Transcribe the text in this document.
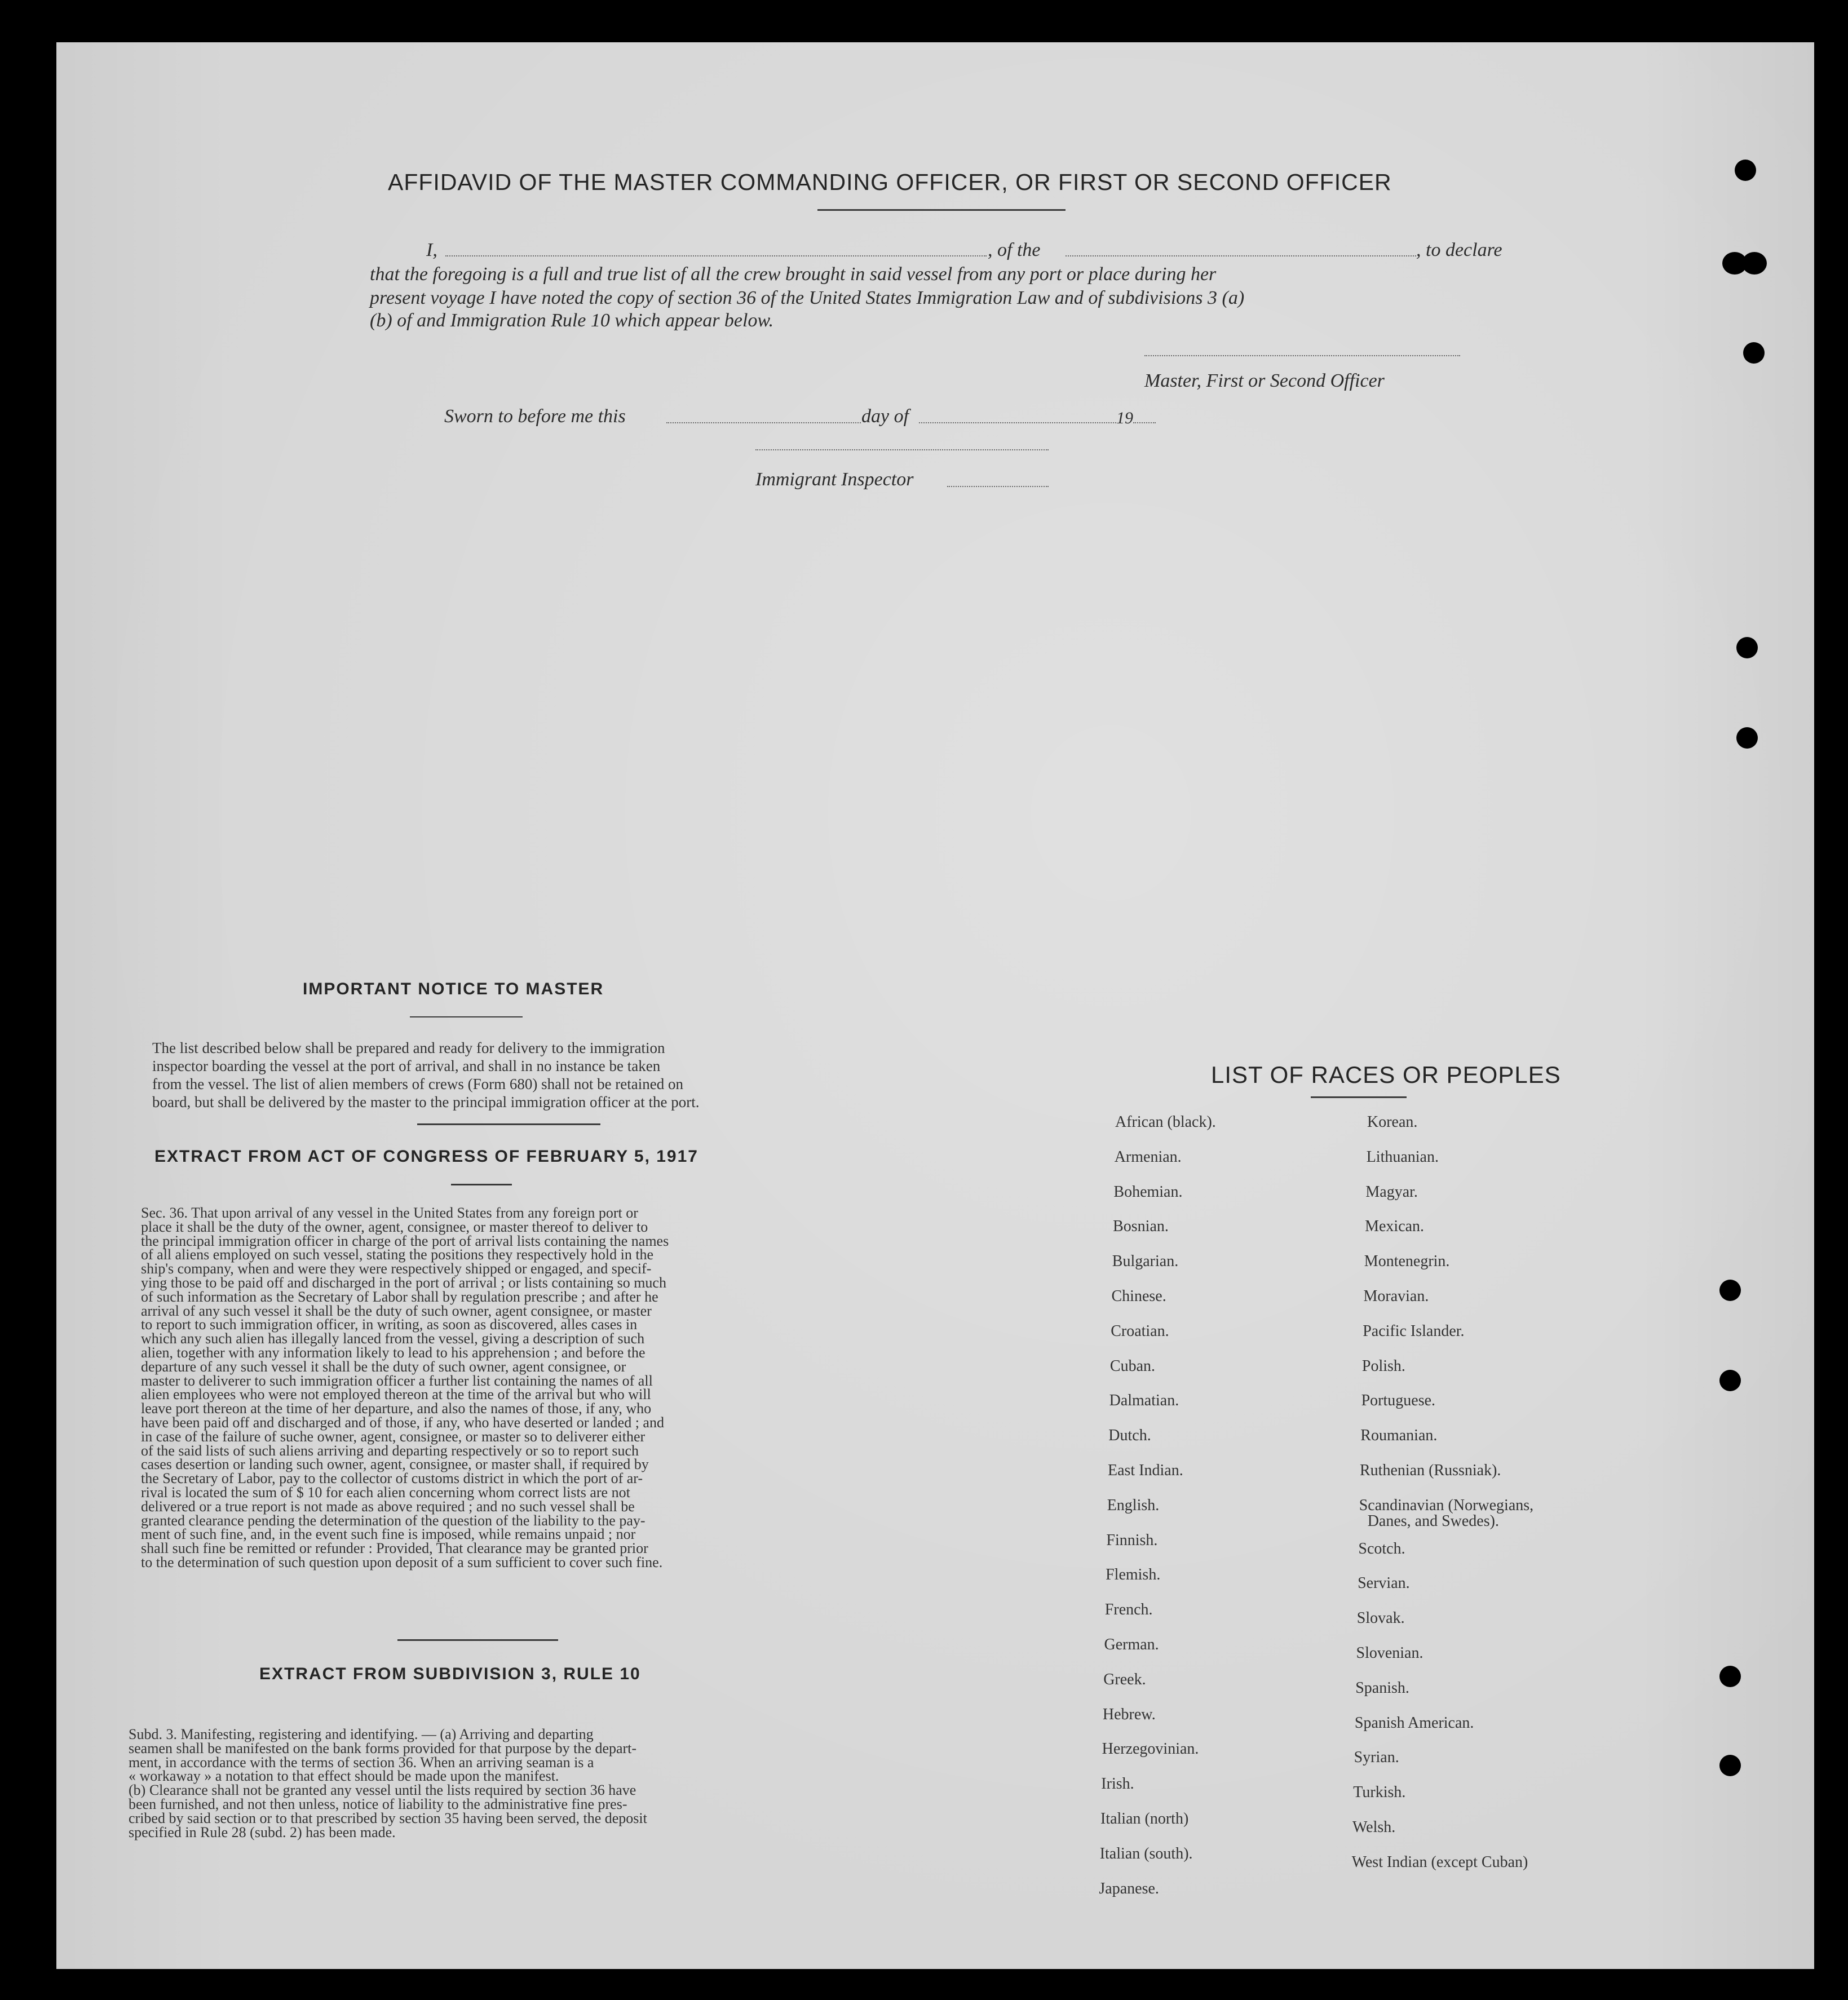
AFFIDAVID OF THE MASTER COMMANDING OFFICER, OR FIRST OR SECOND OFFICER
I,	, of the	, to declare
that the foregoing is a full and true list of all the crew brought in said vessel from any port or place during her
present voyage I have noted the copy of section 36 of the United States Immigration Law and of subdivisions 3 (a)
(b) of and Immigration Rule 10 which appear below.
Master, First or Second Officer
Sworn to before me this	day of	19
Immigrant Inspector
IMPORTANT NOTICE TO MASTER
The list described below shall be prepared and ready for delivery to the immigration
inspector boarding the vessel at the port of arrival, and shall in no instance be taken
from the vessel. The list of alien members of crews (Form 680) shall not be retained on
board, but shall be delivered by the master to the principal immigration officer at the port.
EXTRACT FROM ACT OF CONGRESS OF FEBRUARY 5, 1917
Sec. 36. That upon arrival of any vessel in the United States from any foreign port or
place it shall be the duty of the owner, agent, consignee, or master thereof to deliver to
the principal immigration officer in charge of the port of arrival lists containing the names
of all aliens employed on such vessel, stating the positions they respectively hold in the
ship's company, when and were they were respectively shipped or engaged, and specif-
ying those to be paid off and discharged in the port of arrival ; or lists containing so much
of such information as the Secretary of Labor shall by regulation prescribe ; and after he
arrival of any such vessel it shall be the duty of such owner, agent consignee, or master
to report to such immigration officer, in writing, as soon as discovered, alles cases in
which any such alien has illegally lanced from the vessel, giving a description of such
alien, together with any information likely to lead to his apprehension ; and before the
departure of any such vessel it shall be the duty of such owner, agent consignee, or
master to deliverer to such immigration officer a further list containing the names of all
alien employees who were not employed thereon at the time of the arrival but who will
leave port thereon at the time of her departure, and also the names of those, if any, who
have been paid off and discharged and of those, if any, who have deserted or landed ; and
in case of the failure of suche owner, agent, consignee, or master so to deliverer either
of the said lists of such aliens arriving and departing respectively or so to report such
cases desertion or landing such owner, agent, consignee, or master shall, if required by
the Secretary of Labor, pay to the collector of customs district in which the port of ar-
rival is located the sum of $ 10 for each alien concerning whom correct lists are not
delivered or a true report is not made as above required ; and no such vessel shall be
granted clearance pending the determination of the question of the liability to the pay-
ment of such fine, and, in the event such fine is imposed, while remains unpaid ; nor
shall such fine be remitted or refunder : Provided, That clearance may be granted prior
to the determination of such question upon deposit of a sum sufficient to cover such fine.
EXTRACT FROM SUBDIVISION 3, RULE 10
Subd. 3. Manifesting, registering and identifying. — (a) Arriving and departing
seamen shall be manifested on the bank forms provided for that purpose by the depart-
ment, in accordance with the terms of section 36. When an arriving seaman is a
« workaway » a notation to that effect should be made upon the manifest.
(b) Clearance shall not be granted any vessel until the lists required by section 36 have
been furnished, and not then unless, notice of liability to the administrative fine pres-
cribed by said section or to that prescribed by section 35 having been served, the deposit
specified in Rule 28 (subd. 2) has been made.
LIST OF RACES OR PEOPLES
African (black).
Armenian.
Bohemian.
Bosnian.
Bulgarian.
Chinese.
Croatian.
Cuban.
Dalmatian.
Dutch.
East Indian.
English.
Finnish.
Flemish.
French.
German.
Greek.
Hebrew.
Herzegovinian.
Irish.
Italian (north)
Italian (south).
Japanese.
Korean.
Lithuanian.
Magyar.
Mexican.
Montenegrin.
Moravian.
Pacific Islander.
Polish.
Portuguese.
Roumanian.
Ruthenian (Russniak).
Scandinavian (Norwegians,
Danes, and Swedes).
Scotch.
Servian.
Slovak.
Slovenian.
Spanish.
Spanish American.
Syrian.
Turkish.
Welsh.
West Indian (except Cuban)
